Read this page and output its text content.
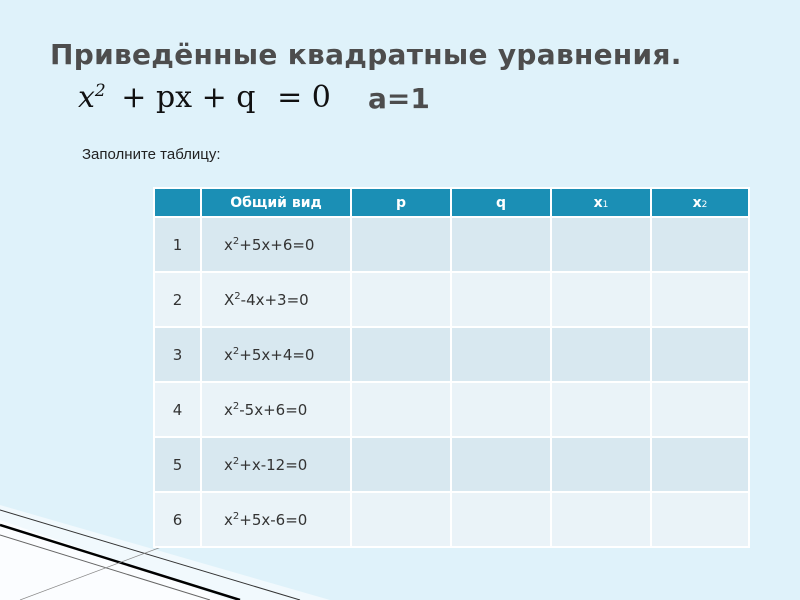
Приведённые квадратные уравнения.
$x^2$ + px + q = 0 a=1
Заполните таблицу:
	Общий вид	p	q	x1	x2
1	$x^2+5x+6=0$				
2	$X^2-4x+3=0$				
3	$x^2+5x+4=0$				
4	$x^2-5x+6=0$				
5	$x^2+x-12=0$				
6	$x^2+5x-6=0$				
